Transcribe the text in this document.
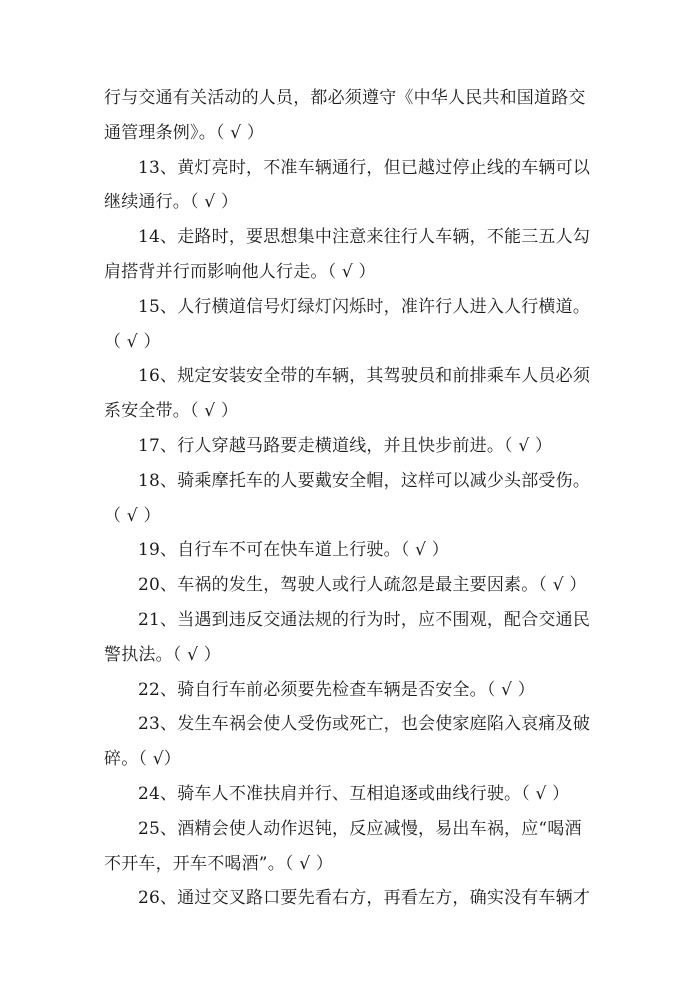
行与交通有关活动的人员，都必须遵守《中华人民共和国道路交
通管理条例》。（ √ ）
13、黄灯亮时，不准车辆通行，但已越过停止线的车辆可以
继续通行。（ √ ）
14、走路时，要思想集中注意来往行人车辆，不能三五人勾
肩搭背并行而影响他人行走。（ √ ）
15、人行横道信号灯绿灯闪烁时，准许行人进入人行横道。
（ √ ）
16、规定安装安全带的车辆，其驾驶员和前排乘车人员必须
系安全带。（ √ ）
17、行人穿越马路要走横道线，并且快步前进。（ √ ）
18、骑乘摩托车的人要戴安全帽，这样可以减少头部受伤。
（ √ ）
19、自行车不可在快车道上行驶。（ √ ）
20、车祸的发生，驾驶人或行人疏忽是最主要因素。（ √ ）
21、当遇到违反交通法规的行为时，应不围观，配合交通民
警执法。（ √ ）
22、骑自行车前必须要先检查车辆是否安全。（ √ ）
23、发生车祸会使人受伤或死亡，也会使家庭陷入哀痛及破
碎。（ √）
24、骑车人不准扶肩并行、互相追逐或曲线行驶。（ √ ）
25、酒精会使人动作迟钝，反应减慢，易出车祸，应“喝酒
不开车，开车不喝酒”。（ √ ）
26、通过交叉路口要先看右方，再看左方，确实没有车辆才
